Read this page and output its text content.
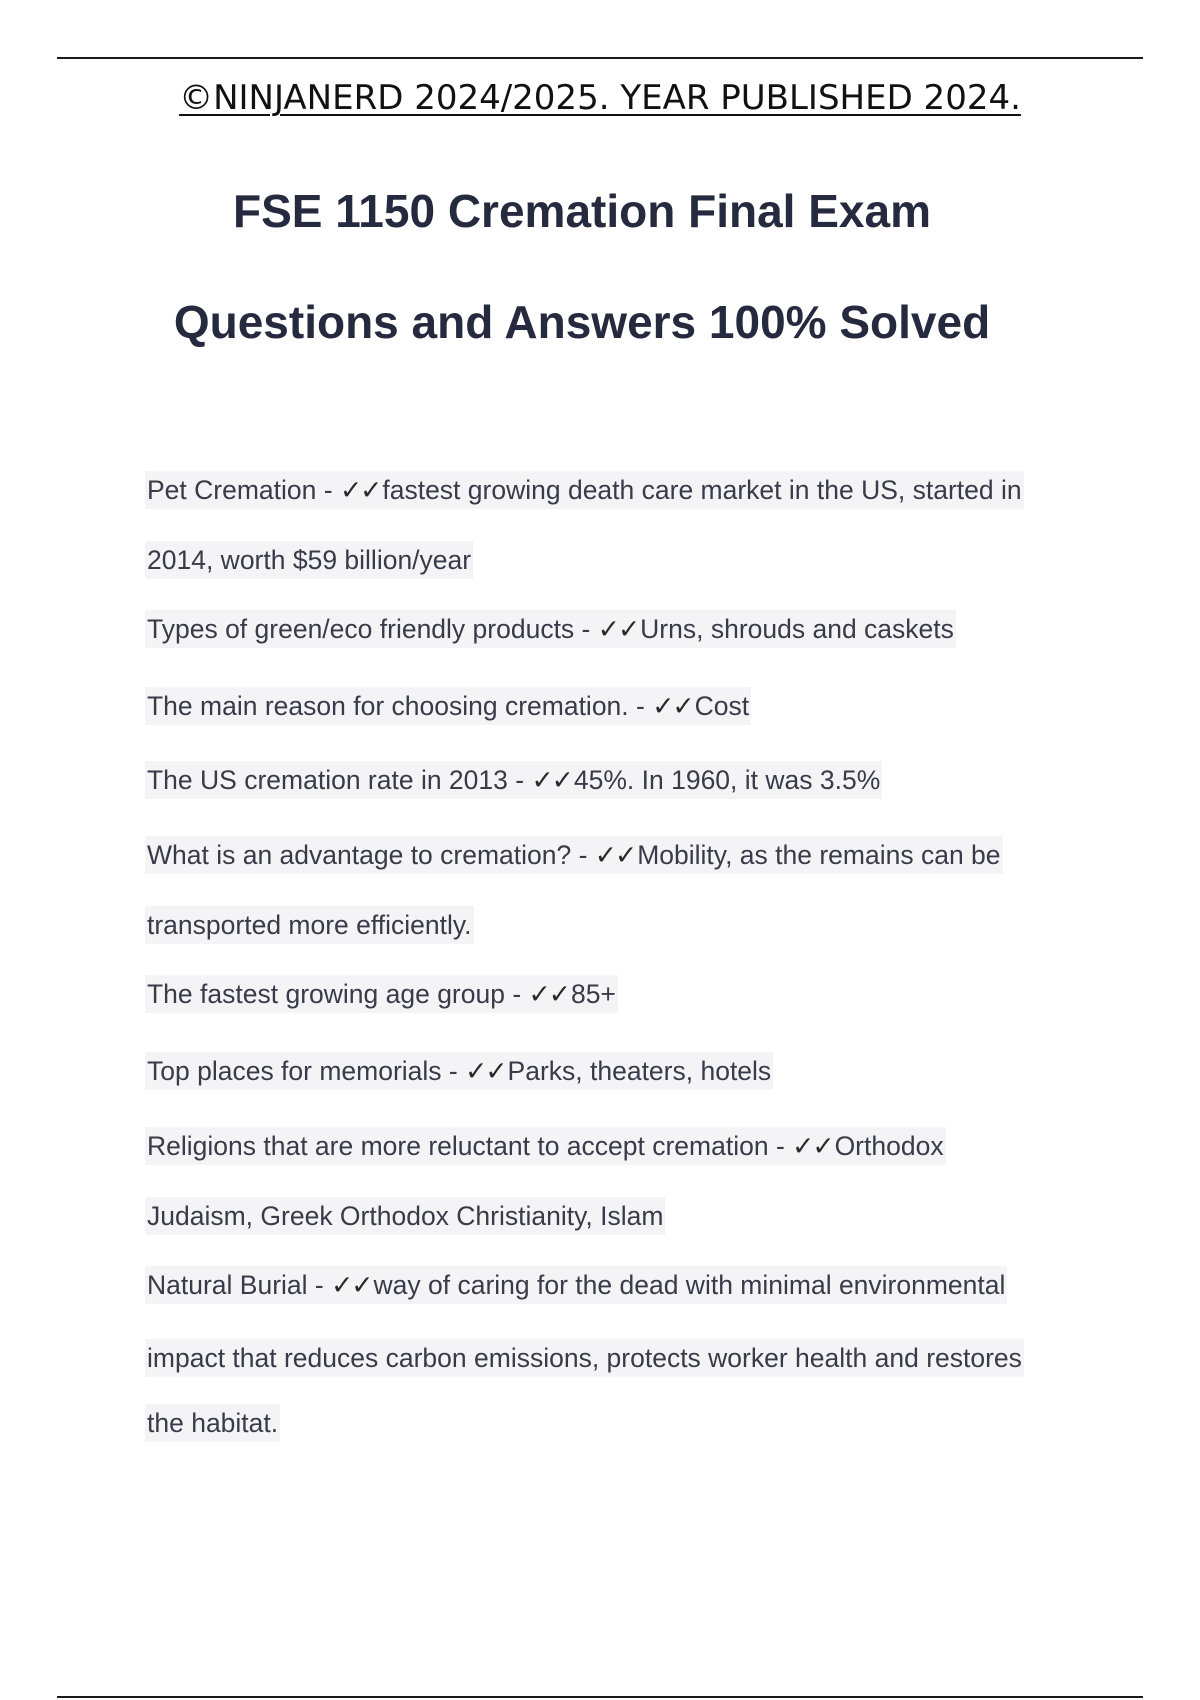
©NINJANERD 2024/2025. YEAR PUBLISHED 2024.
FSE 1150 Cremation Final Exam
Questions and Answers 100% Solved
Pet Cremation - ✓✓fastest growing death care market in the US, started in
2014, worth $59 billion/year
Types of green/eco friendly products - ✓✓Urns, shrouds and caskets
The main reason for choosing cremation. - ✓✓Cost
The US cremation rate in 2013 - ✓✓45%. In 1960, it was 3.5%
What is an advantage to cremation? - ✓✓Mobility, as the remains can be
transported more efficiently.
The fastest growing age group - ✓✓85+
Top places for memorials - ✓✓Parks, theaters, hotels
Religions that are more reluctant to accept cremation - ✓✓Orthodox
Judaism, Greek Orthodox Christianity, Islam
Natural Burial - ✓✓way of caring for the dead with minimal environmental
impact that reduces carbon emissions, protects worker health and restores
the habitat.
